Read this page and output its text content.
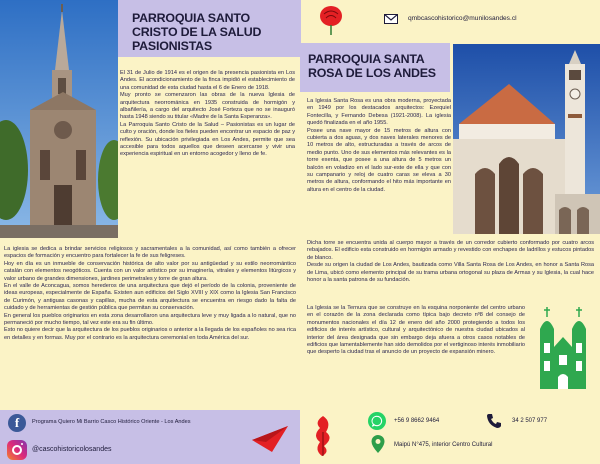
PARROQUIA SANTO CRISTO DE LA SALUD PASIONISTAS

El 31 de Julio de 1914 es el origen de la presencia pasionista en Los Andes. El acondicionamiento de la finca impidió el establecimiento de una comunidad de esta ciudad hasta el 6 de Enero de 1918.

Muy pronto se comenzaron las obras de la nueva Iglesia de arquitectura neorrománica en 1935 construida de hormigón y albañilería, a cargo del arquitecto José Forteza que no se inauguró hasta 1948 siendo su titular «Madre de la Santa Esperanza».

La Parroquia Santo Cristo de la Salud – Pasionistas es un lugar de culto y oración, donde los fieles pueden encontrar un espacio de paz y reflexión. Su ubicación privilegiada en Los Andes, permite que sea accesible para todos aquellos que deseen acercarse y vivir una experiencia espiritual en un entorno acogedor y lleno de fe.

La iglesia se dedica a brindar servicios religiosos y sacramentales a la comunidad, así como también a ofrecer espacios de formación y encuentro para fortalecer la fe de sus feligreses.

Hoy en día es un inmueble de conservación histórica de alto valor por su antigüedad y su estilo neorromántico catalán con elementos neogóticos. Cuenta con un valor artístico por su imaginería, vitrales y elementos litúrgicos y valor urbano de grandes dimensiones, jardines perimetrales y torre de gran altura.

En el valle de Aconcagua, somos herederos de una arquitectura que dejó el período de la colonia, proveniente de ideas europeas, especialmente de España. Existen aun edificios del Siglo XVIII y XIX como la Iglesia San Francisco de Curimón, y antiguas casonas y capillas, mucha de esta arquitectura se encuentra en riesgo dado la falta de cuidado y de herramientas de gestión pública que permitan su conservación.

En general los pueblos originarios en esta zona desarrollaron una arquitectura leve y muy ligada a lo natural, que no permaneció por mucho tiempo, tal vez este era su fin último.

Esto no quiere decir que la arquitectura de los pueblos originarios o anterior a la llegada de los españoles no sea rica en detalles y en formas. Muy por el contrario es la arquitectura ceremonial en toda América del sur.

f	Programa Quiero Mi Barrio Casco Histórico Oriente - Los Andes
@cascohistoricolosandes
qmbcascohistorico@munilosandes.cl
PARROQUIA SANTA ROSA DE LOS ANDES

La Iglesia Santa Rosa es una obra moderna, proyectada en 1949 por los destacados arquitectos: Ezequiel Fontecilla, y Fernando Debesa (1921-2008). La iglesia quedó finalizada en el año 1955.

Posee una nave mayor de 15 metros de altura con cubierta a dos aguas, y dos naves laterales menores de 10 metros de alto, estructuradas a través de arcos de medio punto. Uno de sus elementos más relevantes es la torre exenta, que posee a una altura de 5 metros un balcón en voladizo en el lado sur-este de ella y que con su campanario y reloj de cuatro caras se eleva a 30 metros de altura, conformando el hito más importante en altura en el centro de la ciudad.

Dicha torre se encuentra unida al cuerpo mayor a través de un corredor cubierto conformado por cuatro arcos rebajados. El edificio esta construido en hormigón armado y revestido con enchapes de ladrillos y estucos pintados de blanco.

Desde su origen la ciudad de Los Andes, bautizada como Villa Santa Rosa de Los Andes, en honor a Santa Rosa de Lima, ubicó como elemento principal de su trama urbana ortogonal su plaza de Armas y su Iglesia, la cual hace honor a la santa patrona de su fundación.

La Iglesia se la Ternura que se construye en la esquina norponiente del centro urbano en el corazón de la zona declarada como típica bajo decreto nº8 del consejo de monumentos nacionales el día 12 de enero del año 2000 protegiendo a todos los edificios de interés artístico, cultural y arquitectónico de nuestra ciudad ubicados al interior del área designada que sin embargo deja afuera a otros casos notables de edificios que lamentablemente han sido demolidos por el vertiginoso interés inmobiliario que desperto la ciudad tras el anuncio de un proyecto de expansión minero.

+56 9 8662 9464	34 2 507 977
Maipú N°475, interior Centro Cultural
